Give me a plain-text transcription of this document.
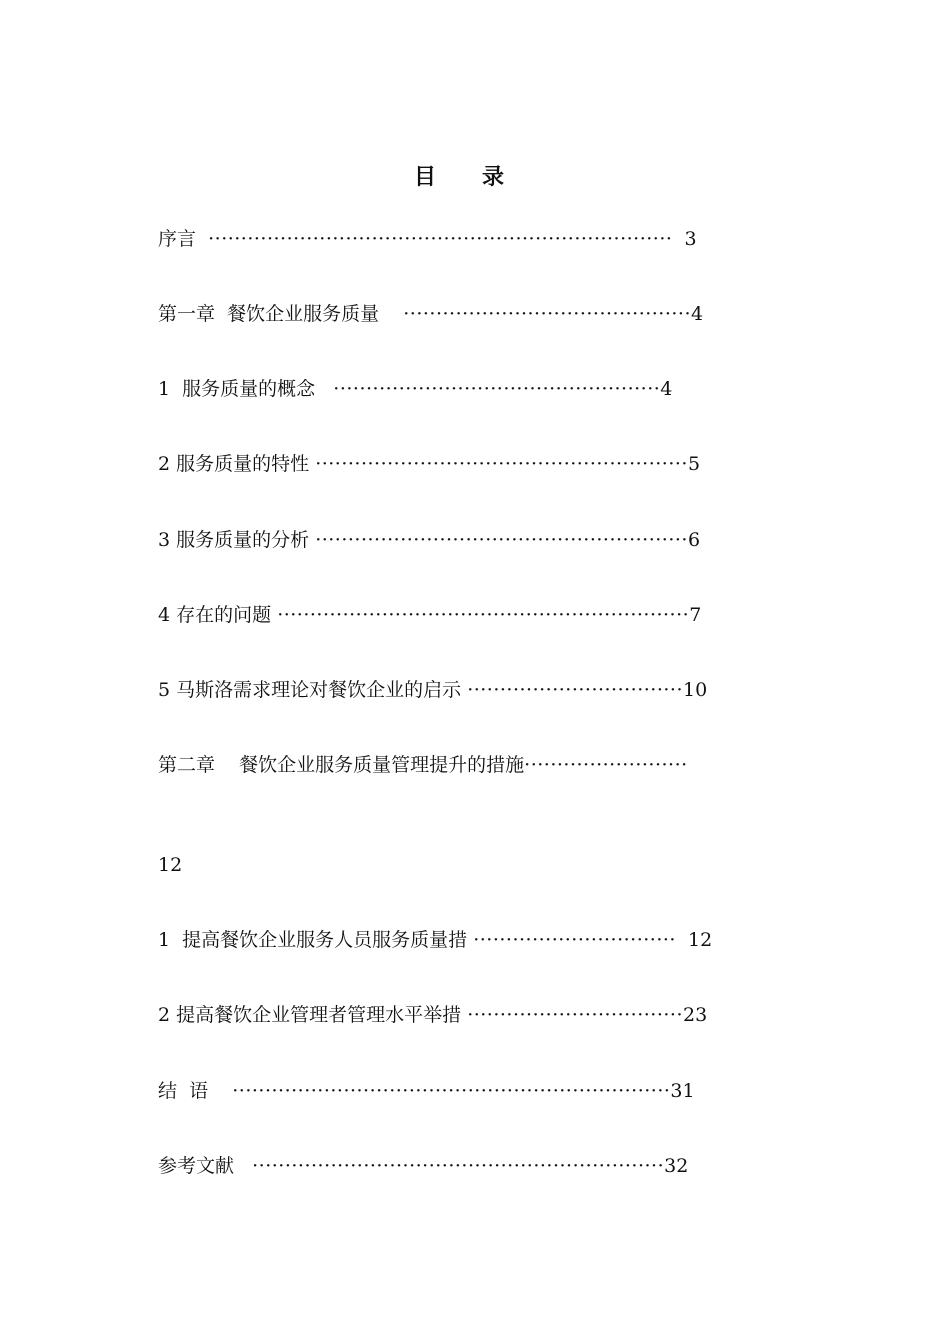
目 录
序言 ·······································································  3
第一章  餐饮企业服务质量 ············································4
1  服务质量的概念 ··················································4
2 服务质量的特性 ·························································5
3 服务质量的分析 ·························································6
4 存在的问题 ·······························································7
5 马斯洛需求理论对餐饮企业的启示 ·································10
第二章    餐饮企业服务质量管理提升的措施·························
12
1  提高餐饮企业服务人员服务质量措 ·······························  12
2 提高餐饮企业管理者管理水平举措 ·································23
结  语 ···································································31
参考文献 ·······························································32
